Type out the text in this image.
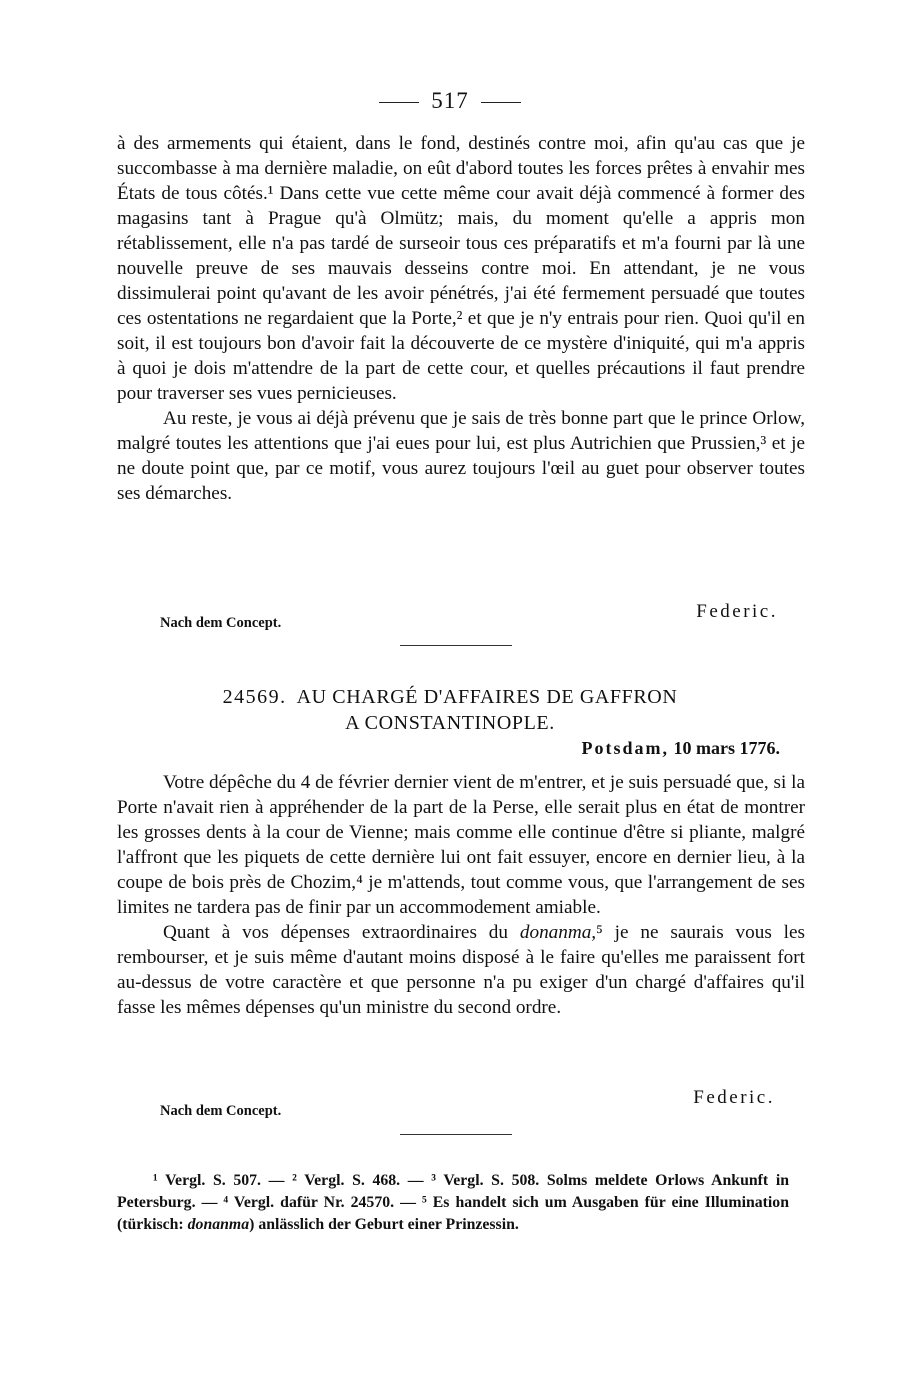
517

à des armements qui étaient, dans le fond, destinés contre moi, afin qu'au cas que je succombasse à ma dernière maladie, on eût d'abord toutes les forces prêtes à envahir mes États de tous côtés.¹ Dans cette vue cette même cour avait déjà commencé à former des magasins tant à Prague qu'à Olmütz; mais, du moment qu'elle a appris mon rétablissement, elle n'a pas tardé de surseoir tous ces préparatifs et m'a fourni par là une nouvelle preuve de ses mauvais desseins contre moi. En attendant, je ne vous dissimulerai point qu'avant de les avoir pénétrés, j'ai été fermement persuadé que toutes ces ostentations ne regardaient que la Porte,² et que je n'y entrais pour rien. Quoi qu'il en soit, il est toujours bon d'avoir fait la découverte de ce mystère d'iniquité, qui m'a appris à quoi je dois m'attendre de la part de cette cour, et quelles précautions il faut prendre pour traverser ses vues pernicieuses.

Au reste, je vous ai déjà prévenu que je sais de très bonne part que le prince Orlow, malgré toutes les attentions que j'ai eues pour lui, est plus Autrichien que Prussien,³ et je ne doute point que, par ce motif, vous aurez toujours l'œil au guet pour observer toutes ses démarches.

Federic.
Nach dem Concept.
24569. AU CHARGÉ D'AFFAIRES DE GAFFRON
A CONSTANTINOPLE.
Potsdam, 10 mars 1776.

Votre dépêche du 4 de février dernier vient de m'entrer, et je suis persuadé que, si la Porte n'avait rien à appréhender de la part de la Perse, elle serait plus en état de montrer les grosses dents à la cour de Vienne; mais comme elle continue d'être si pliante, malgré l'affront que les piquets de cette dernière lui ont fait essuyer, encore en dernier lieu, à la coupe de bois près de Chozim,⁴ je m'attends, tout comme vous, que l'arrangement de ses limites ne tardera pas de finir par un accommodement amiable.

Quant à vos dépenses extraordinaires du donanma,⁵ je ne saurais vous les rembourser, et je suis même d'autant moins disposé à le faire qu'elles me paraissent fort au-dessus de votre caractère et que personne n'a pu exiger d'un chargé d'affaires qu'il fasse les mêmes dépenses qu'un ministre du second ordre.

Federic.
Nach dem Concept.

¹ Vergl. S. 507. — ² Vergl. S. 468. — ³ Vergl. S. 508. Solms meldete Orlows Ankunft in Petersburg. — ⁴ Vergl. dafür Nr. 24570. — ⁵ Es handelt sich um Ausgaben für eine Illumination (türkisch: donanma) anlässlich der Geburt einer Prinzessin.
